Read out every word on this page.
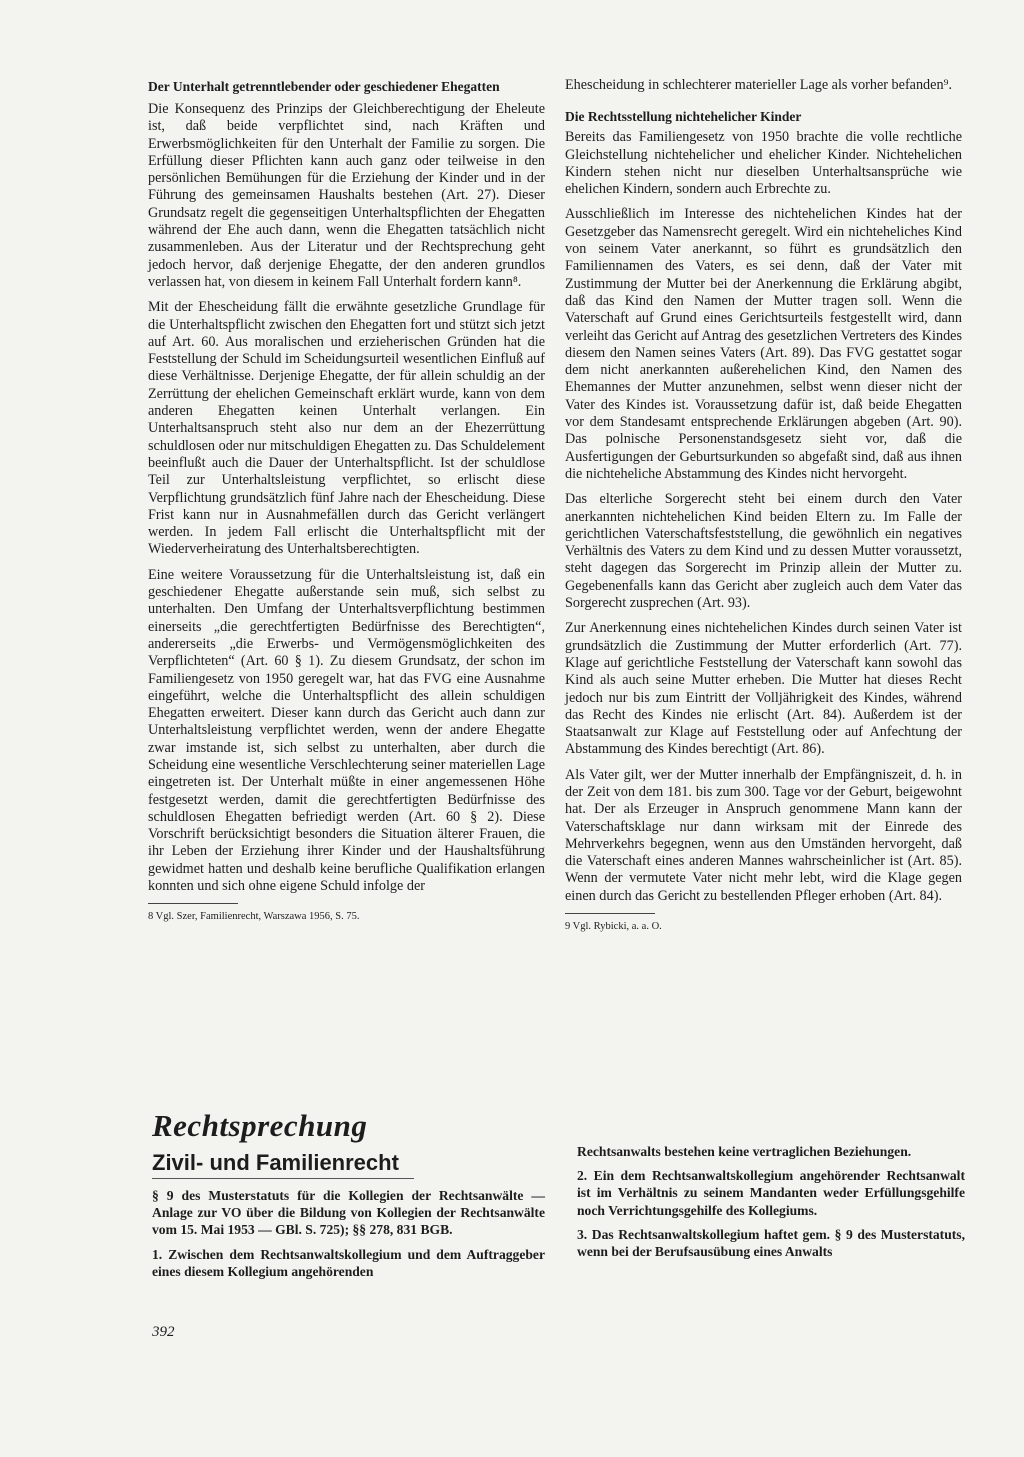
Der Unterhalt getrenntlebender oder geschiedener Ehegatten

Die Konsequenz des Prinzips der Gleichberechtigung der Eheleute ist, daß beide verpflichtet sind, nach Kräften und Erwerbsmöglichkeiten für den Unterhalt der Familie zu sorgen. Die Erfüllung dieser Pflichten kann auch ganz oder teilweise in den persönlichen Bemühungen für die Erziehung der Kinder und in der Führung des gemeinsamen Haushalts bestehen (Art. 27). Dieser Grundsatz regelt die gegenseitigen Unterhaltspflichten der Ehegatten während der Ehe auch dann, wenn die Ehegatten tatsächlich nicht zusammenleben. Aus der Literatur und der Rechtsprechung geht jedoch hervor, daß derjenige Ehegatte, der den anderen grundlos verlassen hat, von diesem in keinem Fall Unterhalt fordern kann⁸.

Mit der Ehescheidung fällt die erwähnte gesetzliche Grundlage für die Unterhaltspflicht zwischen den Ehegatten fort und stützt sich jetzt auf Art. 60. Aus moralischen und erzieherischen Gründen hat die Feststellung der Schuld im Scheidungsurteil wesentlichen Einfluß auf diese Verhältnisse. Derjenige Ehegatte, der für allein schuldig an der Zerrüttung der ehelichen Gemeinschaft erklärt wurde, kann von dem anderen Ehegatten keinen Unterhalt verlangen. Ein Unterhaltsanspruch steht also nur dem an der Ehezerrüttung schuldlosen oder nur mitschuldigen Ehegatten zu. Das Schuldelement beeinflußt auch die Dauer der Unterhaltspflicht. Ist der schuldlose Teil zur Unterhaltsleistung verpflichtet, so erlischt diese Verpflichtung grundsätzlich fünf Jahre nach der Ehescheidung. Diese Frist kann nur in Ausnahmefällen durch das Gericht verlängert werden. In jedem Fall erlischt die Unterhaltspflicht mit der Wiederverheiratung des Unterhaltsberechtigten.

Eine weitere Voraussetzung für die Unterhaltsleistung ist, daß ein geschiedener Ehegatte außerstande sein muß, sich selbst zu unterhalten. Den Umfang der Unterhaltsverpflichtung bestimmen einerseits „die gerechtfertigten Bedürfnisse des Berechtigten“, andererseits „die Erwerbs- und Vermögensmöglichkeiten des Verpflichteten“ (Art. 60 § 1). Zu diesem Grundsatz, der schon im Familiengesetz von 1950 geregelt war, hat das FVG eine Ausnahme eingeführt, welche die Unterhaltspflicht des allein schuldigen Ehegatten erweitert. Dieser kann durch das Gericht auch dann zur Unterhaltsleistung verpflichtet werden, wenn der andere Ehegatte zwar imstande ist, sich selbst zu unterhalten, aber durch die Scheidung eine wesentliche Verschlechterung seiner materiellen Lage eingetreten ist. Der Unterhalt müßte in einer angemessenen Höhe festgesetzt werden, damit die gerechtfertigten Bedürfnisse des schuldlosen Ehegatten befriedigt werden (Art. 60 § 2). Diese Vorschrift berücksichtigt besonders die Situation älterer Frauen, die ihr Leben der Erziehung ihrer Kinder und der Haushaltsführung gewidmet hatten und deshalb keine berufliche Qualifikation erlangen konnten und sich ohne eigene Schuld infolge der

8 Vgl. Szer, Familienrecht, Warszawa 1956, S. 75.

Ehescheidung in schlechterer materieller Lage als vorher befanden⁹.

Die Rechtsstellung nichtehelicher Kinder

Bereits das Familiengesetz von 1950 brachte die volle rechtliche Gleichstellung nichtehelicher und ehelicher Kinder. Nichtehelichen Kindern stehen nicht nur dieselben Unterhaltsansprüche wie ehelichen Kindern, sondern auch Erbrechte zu.

Ausschließlich im Interesse des nichtehelichen Kindes hat der Gesetzgeber das Namensrecht geregelt. Wird ein nichteheliches Kind von seinem Vater anerkannt, so führt es grundsätzlich den Familiennamen des Vaters, es sei denn, daß der Vater mit Zustimmung der Mutter bei der Anerkennung die Erklärung abgibt, daß das Kind den Namen der Mutter tragen soll. Wenn die Vaterschaft auf Grund eines Gerichtsurteils festgestellt wird, dann verleiht das Gericht auf Antrag des gesetzlichen Vertreters des Kindes diesem den Namen seines Vaters (Art. 89). Das FVG gestattet sogar dem nicht anerkannten außerehelichen Kind, den Namen des Ehemannes der Mutter anzunehmen, selbst wenn dieser nicht der Vater des Kindes ist. Voraussetzung dafür ist, daß beide Ehegatten vor dem Standesamt entsprechende Erklärungen abgeben (Art. 90). Das polnische Personenstandsgesetz sieht vor, daß die Ausfertigungen der Geburtsurkunden so abgefaßt sind, daß aus ihnen die nichteheliche Abstammung des Kindes nicht hervorgeht.

Das elterliche Sorgerecht steht bei einem durch den Vater anerkannten nichtehelichen Kind beiden Eltern zu. Im Falle der gerichtlichen Vaterschaftsfeststellung, die gewöhnlich ein negatives Verhältnis des Vaters zu dem Kind und zu dessen Mutter voraussetzt, steht dagegen das Sorgerecht im Prinzip allein der Mutter zu. Gegebenenfalls kann das Gericht aber zugleich auch dem Vater das Sorgerecht zusprechen (Art. 93).

Zur Anerkennung eines nichtehelichen Kindes durch seinen Vater ist grundsätzlich die Zustimmung der Mutter erforderlich (Art. 77). Klage auf gerichtliche Feststellung der Vaterschaft kann sowohl das Kind als auch seine Mutter erheben. Die Mutter hat dieses Recht jedoch nur bis zum Eintritt der Volljährigkeit des Kindes, während das Recht des Kindes nie erlischt (Art. 84). Außerdem ist der Staatsanwalt zur Klage auf Feststellung oder auf Anfechtung der Abstammung des Kindes berechtigt (Art. 86).

Als Vater gilt, wer der Mutter innerhalb der Empfängniszeit, d. h. in der Zeit von dem 181. bis zum 300. Tage vor der Geburt, beigewohnt hat. Der als Erzeuger in Anspruch genommene Mann kann der Vaterschaftsklage nur dann wirksam mit der Einrede des Mehrverkehrs begegnen, wenn aus den Umständen hervorgeht, daß die Vaterschaft eines anderen Mannes wahrscheinlicher ist (Art. 85). Wenn der vermutete Vater nicht mehr lebt, wird die Klage gegen einen durch das Gericht zu bestellenden Pfleger erhoben (Art. 84).

9 Vgl. Rybicki, a. a. O.

Rechtsprechung
Zivil- und Familienrecht

§ 9 des Musterstatuts für die Kollegien der Rechtsanwälte — Anlage zur VO über die Bildung von Kollegien der Rechtsanwälte vom 15. Mai 1953 — GBl. S. 725); §§ 278, 831 BGB.

1. Zwischen dem Rechtsanwaltskollegium und dem Auftraggeber eines diesem Kollegium angehörenden

Rechtsanwalts bestehen keine vertraglichen Beziehungen.

2. Ein dem Rechtsanwaltskollegium angehörender Rechtsanwalt ist im Verhältnis zu seinem Mandanten weder Erfüllungsgehilfe noch Verrichtungsgehilfe des Kollegiums.

3. Das Rechtsanwaltskollegium haftet gem. § 9 des Musterstatuts, wenn bei der Berufsausübung eines Anwalts

392
